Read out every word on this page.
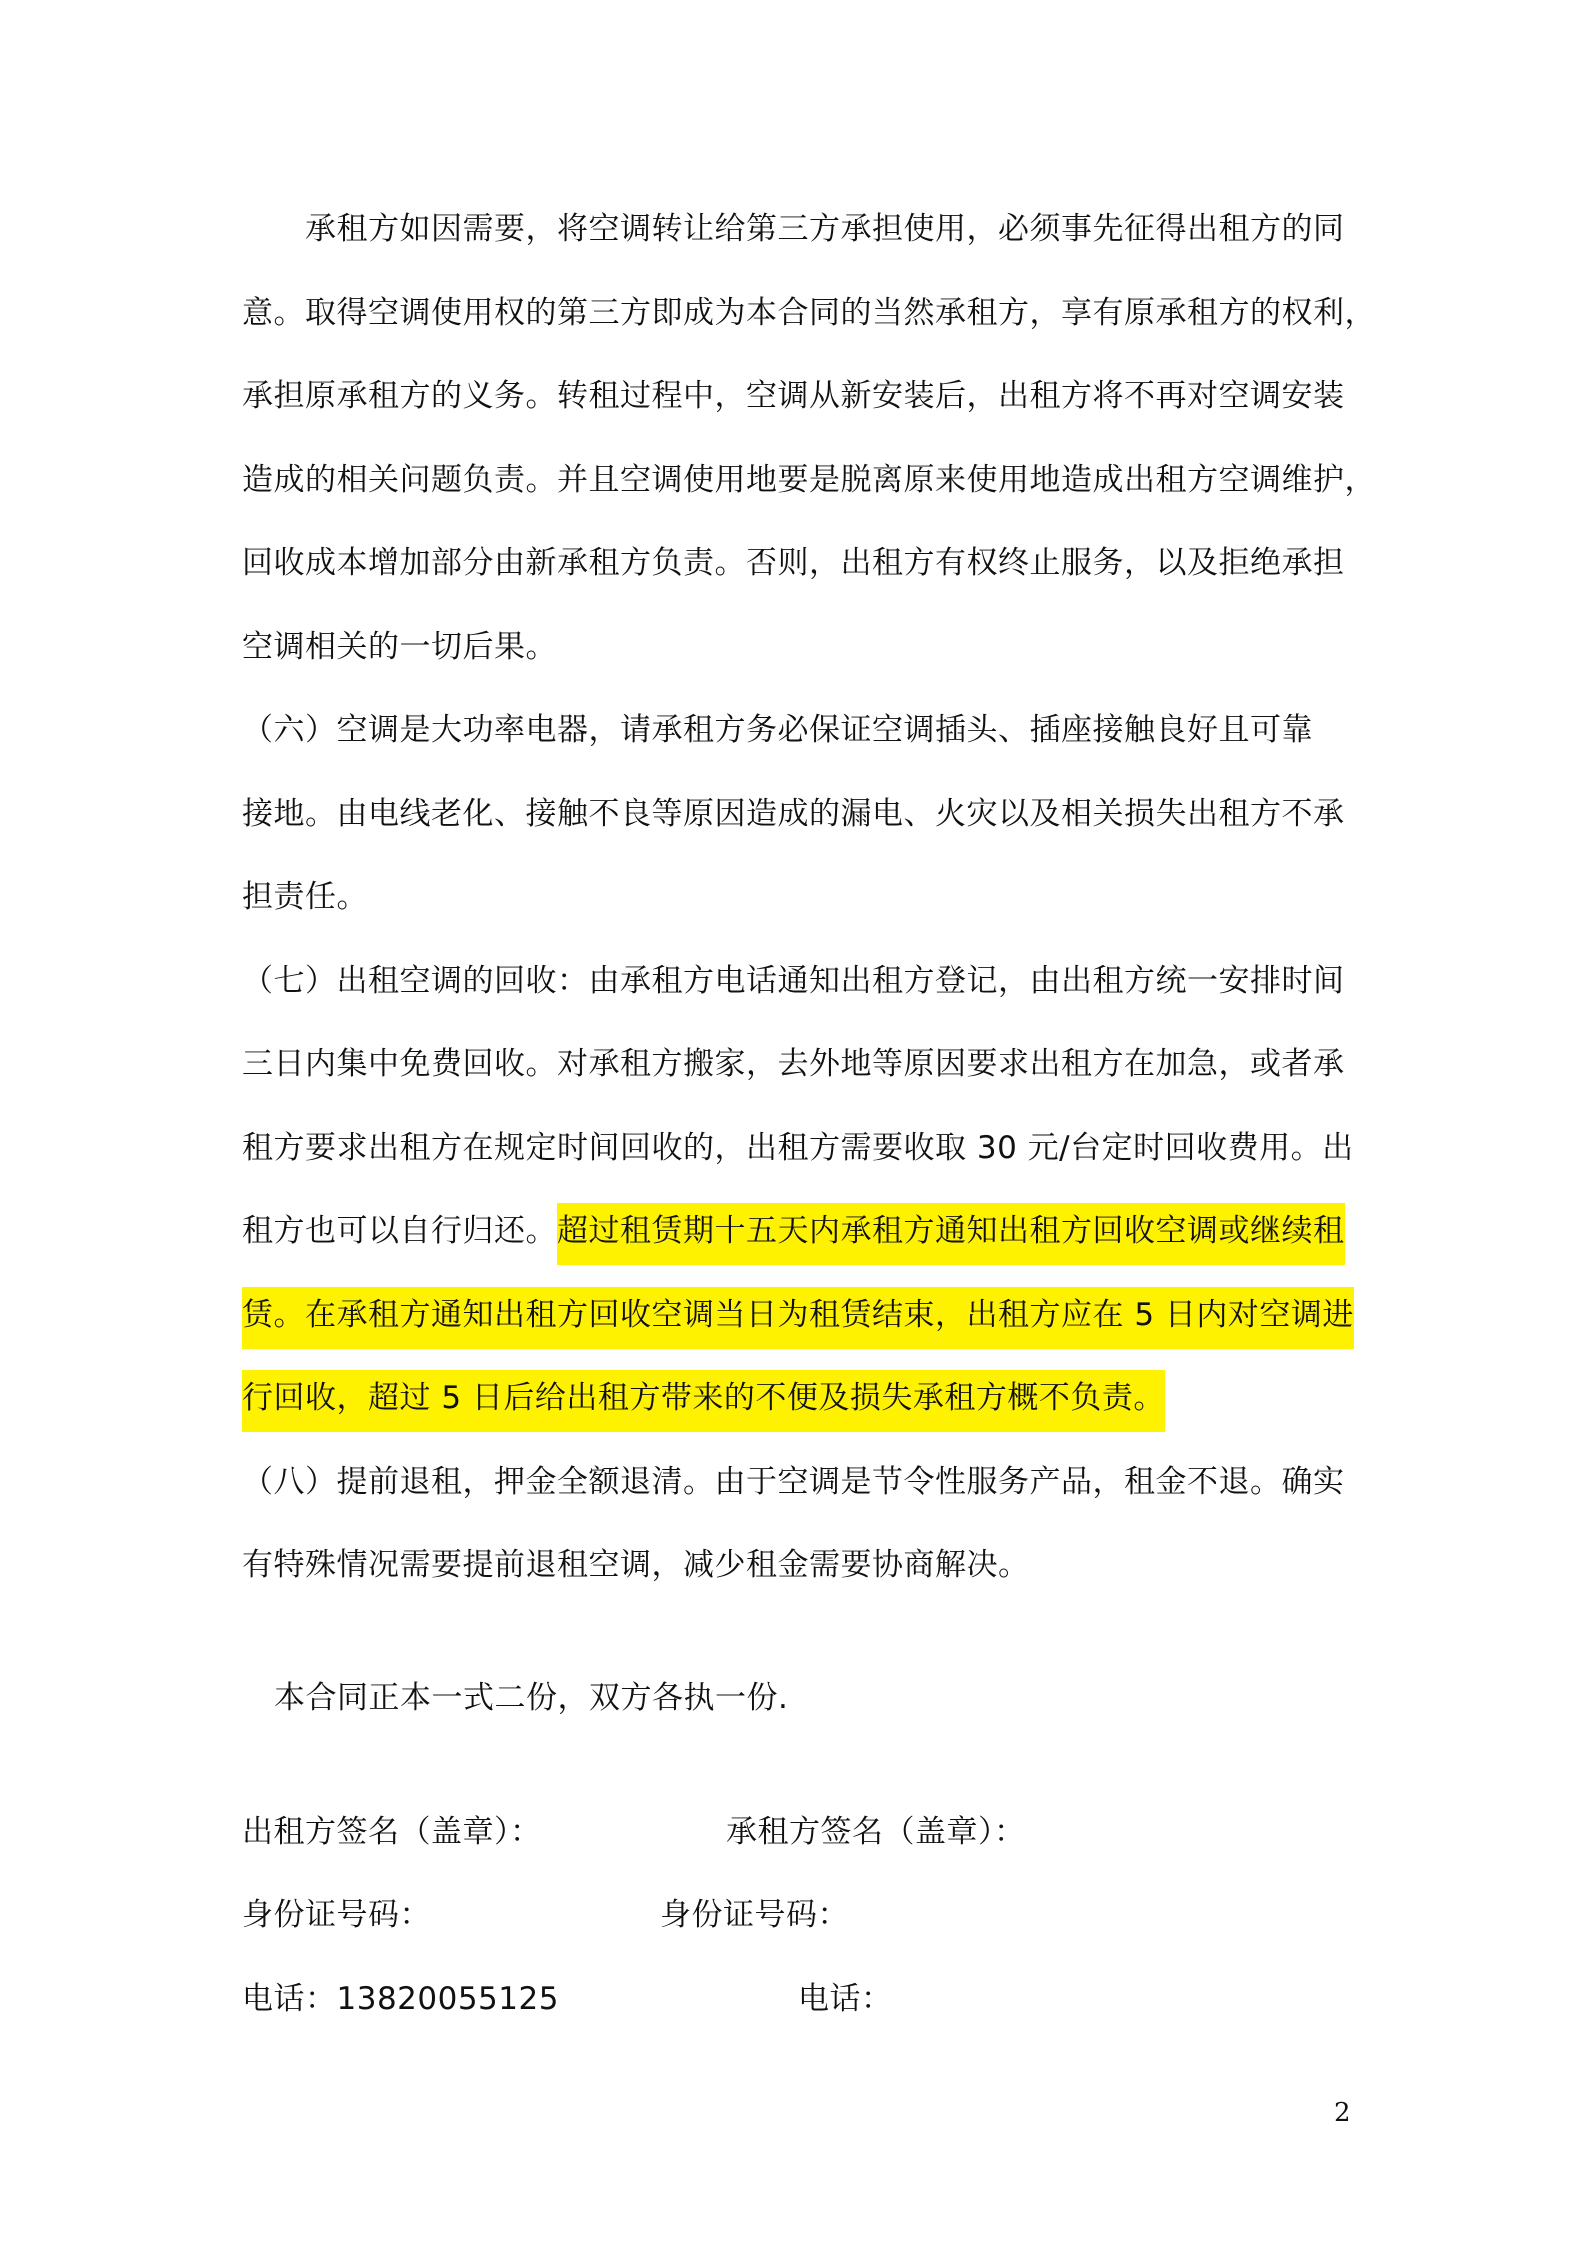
　　承租方如因需要，将空调转让给第三方承担使用，必须事先征得出租方的同
意。取得空调使用权的第三方即成为本合同的当然承租方，享有原承租方的权利，
承担原承租方的义务。转租过程中，空调从新安装后，出租方将不再对空调安装
造成的相关问题负责。并且空调使用地要是脱离原来使用地造成出租方空调维护，
回收成本增加部分由新承租方负责。否则，出租方有权终止服务，以及拒绝承担
空调相关的一切后果。
（六）空调是大功率电器，请承租方务必保证空调插头、插座接触良好且可靠
接地。由电线老化、接触不良等原因造成的漏电、火灾以及相关损失出租方不承
担责任。
（七）出租空调的回收：由承租方电话通知出租方登记，由出租方统一安排时间
三日内集中免费回收。对承租方搬家，去外地等原因要求出租方在加急，或者承
租方要求出租方在规定时间回收的，出租方需要收取 30 元/台定时回收费用。出
租方也可以自行归还。超过租赁期十五天内承租方通知出租方回收空调或继续租
赁。在承租方通知出租方回收空调当日为租赁结束，出租方应在 5 日内对空调进
行回收，超过 5 日后给出租方带来的不便及损失承租方概不负责。
（八）提前退租，押金全额退清。由于空调是节令性服务产品，租金不退。确实
有特殊情况需要提前退租空调，减少租金需要协商解决。
本合同正本一式二份，双方各执一份.
出租方签名（盖章）：	承租方签名（盖章）：
身份证号码：	身份证号码：
电话：13820055125	电话：
2
